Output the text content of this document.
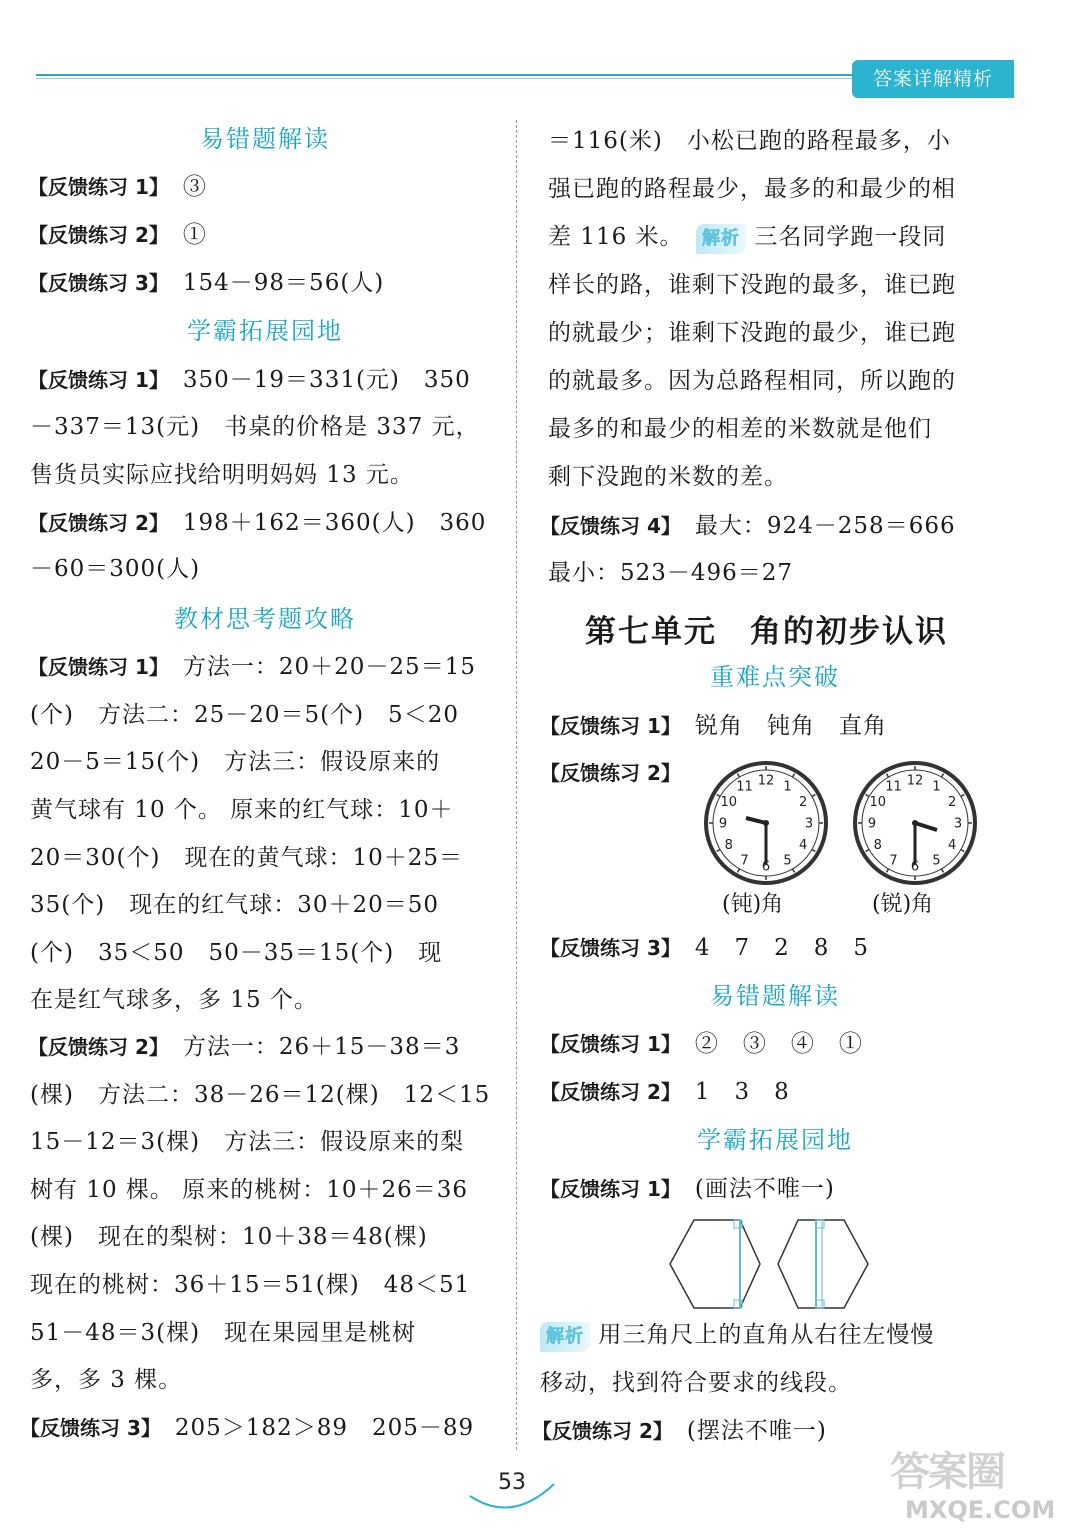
答案详解精析
易错题解读
【反馈练习 1】　 ③
【反馈练习 2】　 ①
【反馈练习 3】　 154－98＝56(人)
学霸拓展园地
【反馈练习 1】　 350－19＝331(元)　350
－337＝13(元)　书桌的价格是 337 元，
售货员实际应找给明明妈妈 13 元。
【反馈练习 2】　 198＋162＝360(人)　360
－60＝300(人)
教材思考题攻略
【反馈练习 1】　 方法一：20＋20－25＝15
(个)　方法二：25－20＝5(个)　5＜20
20－5＝15(个)　方法三：假设原来的
黄气球有 10 个。 原来的红气球：10＋
20＝30(个)　现在的黄气球：10＋25＝
35(个)　现在的红气球：30＋20＝50
(个)　35＜50　50－35＝15(个)　现
在是红气球多，多 15 个。
【反馈练习 2】　 方法一：26＋15－38＝3
(棵)　方法二：38－26＝12(棵)　12＜15
15－12＝3(棵)　方法三：假设原来的梨
树有 10 棵。 原来的桃树：10＋26＝36
(棵)　现在的梨树：10＋38＝48(棵)
现在的桃树：36＋15＝51(棵)　48＜51
51－48＝3(棵)　现在果园里是桃树
多，多 3 棵。
【反馈练习 3】　 205＞182＞89　205－89
＝116(米)　小松已跑的路程最多，小
强已跑的路程最少，最多的和最少的相
差 116 米。　 解析 三名同学跑一段同
样长的路，谁剩下没跑的最多，谁已跑
的就最少；谁剩下没跑的最少，谁已跑
的就最多。因为总路程相同，所以跑的
最多的和最少的相差的米数就是他们
剩下没跑的米数的差。
【反馈练习 4】　 最大：924－258＝666
最小：523－496＝27
第七单元　角的初步认识
重难点突破
【反馈练习 1】　 锐角　钝角　直角
【反馈练习 2】	12 1
2
3
4
5
6
7
8
9
10
11	12 1
2
3
4
5
6
7
8
9
10
11
(钝)角	(锐)角
【反馈练习 3】　 4　7　2　8　5
易错题解读
【反馈练习 1】　 ②　③　④　①
【反馈练习 2】　 1　3　8
学霸拓展园地
【反馈练习 1】　 (画法不唯一)
解析 用三角尺上的直角从右往左慢慢
移动，找到符合要求的线段。
【反馈练习 2】　 (摆法不唯一)
53	答案圈
MXQE.COM
